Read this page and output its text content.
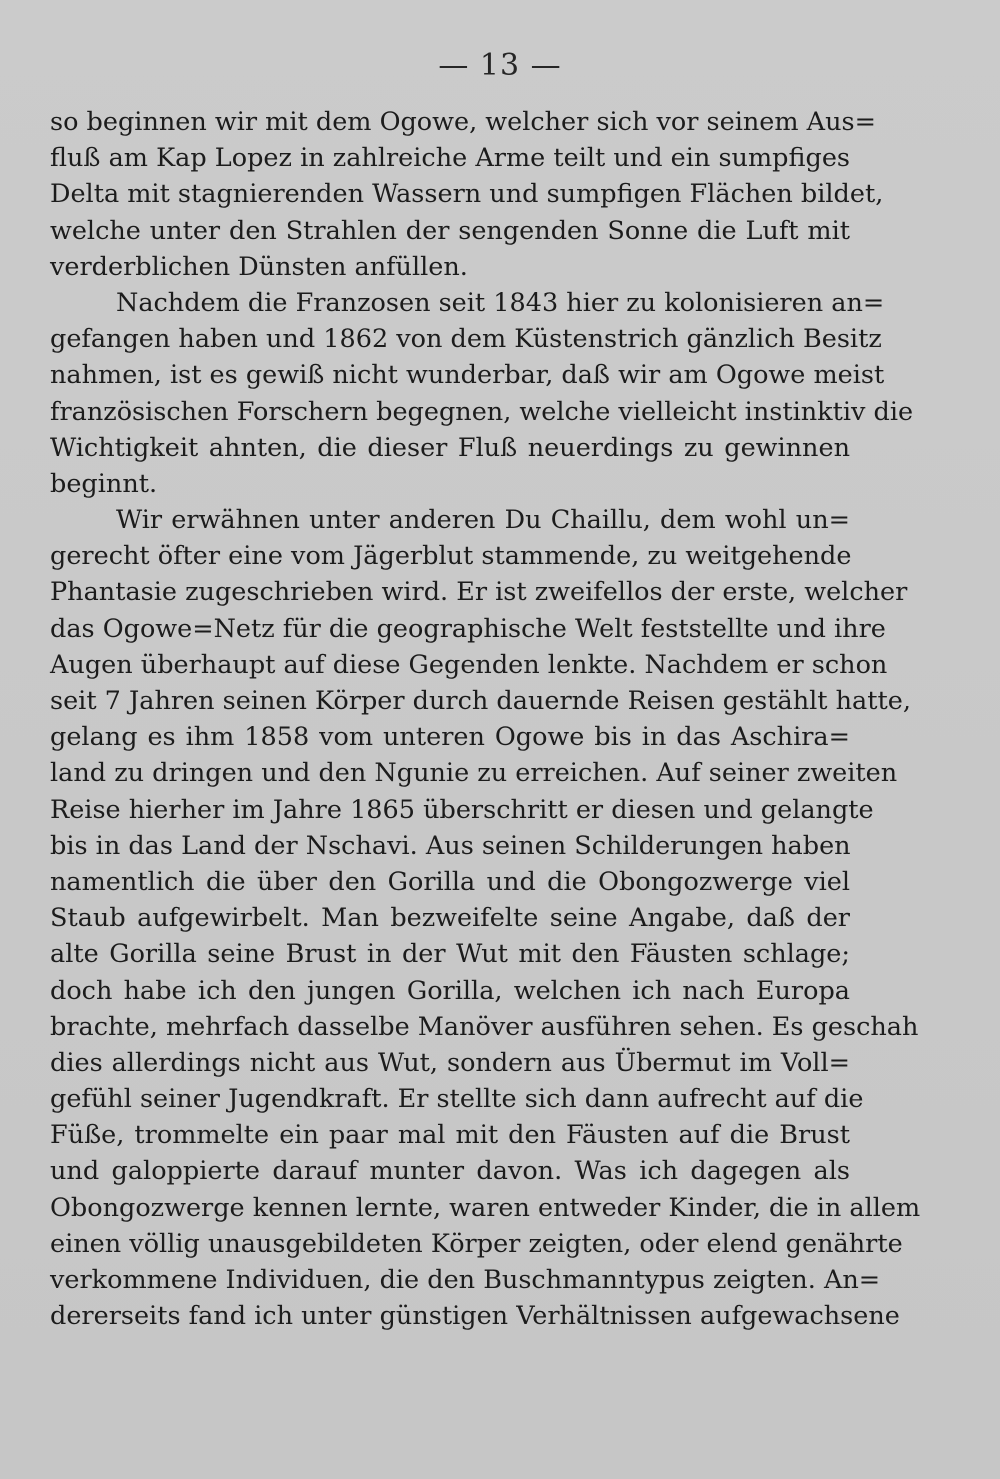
— 13 —
so beginnen wir mit dem Ogowe, welcher sich vor seinem Aus=
fluß am Kap Lopez in zahlreiche Arme teilt und ein sumpfiges
Delta mit stagnierenden Wassern und sumpfigen Flächen bildet,
welche unter den Strahlen der sengenden Sonne die Luft mit
verderblichen Dünsten anfüllen.
Nachdem die Franzosen seit 1843 hier zu kolonisieren an=
gefangen haben und 1862 von dem Küstenstrich gänzlich Besitz
nahmen, ist es gewiß nicht wunderbar, daß wir am Ogowe meist
französischen Forschern begegnen, welche vielleicht instinktiv die
Wichtigkeit ahnten, die dieser Fluß neuerdings zu gewinnen
beginnt.
Wir erwähnen unter anderen Du Chaillu, dem wohl un=
gerecht öfter eine vom Jägerblut stammende, zu weitgehende
Phantasie zugeschrieben wird. Er ist zweifellos der erste, welcher
das Ogowe=Netz für die geographische Welt feststellte und ihre
Augen überhaupt auf diese Gegenden lenkte. Nachdem er schon
seit 7 Jahren seinen Körper durch dauernde Reisen gestählt hatte,
gelang es ihm 1858 vom unteren Ogowe bis in das Aschira=
land zu dringen und den Ngunie zu erreichen. Auf seiner zweiten
Reise hierher im Jahre 1865 überschritt er diesen und gelangte
bis in das Land der Nschavi. Aus seinen Schilderungen haben
namentlich die über den Gorilla und die Obongozwerge viel
Staub aufgewirbelt. Man bezweifelte seine Angabe, daß der
alte Gorilla seine Brust in der Wut mit den Fäusten schlage;
doch habe ich den jungen Gorilla, welchen ich nach Europa
brachte, mehrfach dasselbe Manöver ausführen sehen. Es geschah
dies allerdings nicht aus Wut, sondern aus Übermut im Voll=
gefühl seiner Jugendkraft. Er stellte sich dann aufrecht auf die
Füße, trommelte ein paar mal mit den Fäusten auf die Brust
und galoppierte darauf munter davon. Was ich dagegen als
Obongozwerge kennen lernte, waren entweder Kinder, die in allem
einen völlig unausgebildeten Körper zeigten, oder elend genährte
verkommene Individuen, die den Buschmanntypus zeigten. An=
dererseits fand ich unter günstigen Verhältnissen aufgewachsene
